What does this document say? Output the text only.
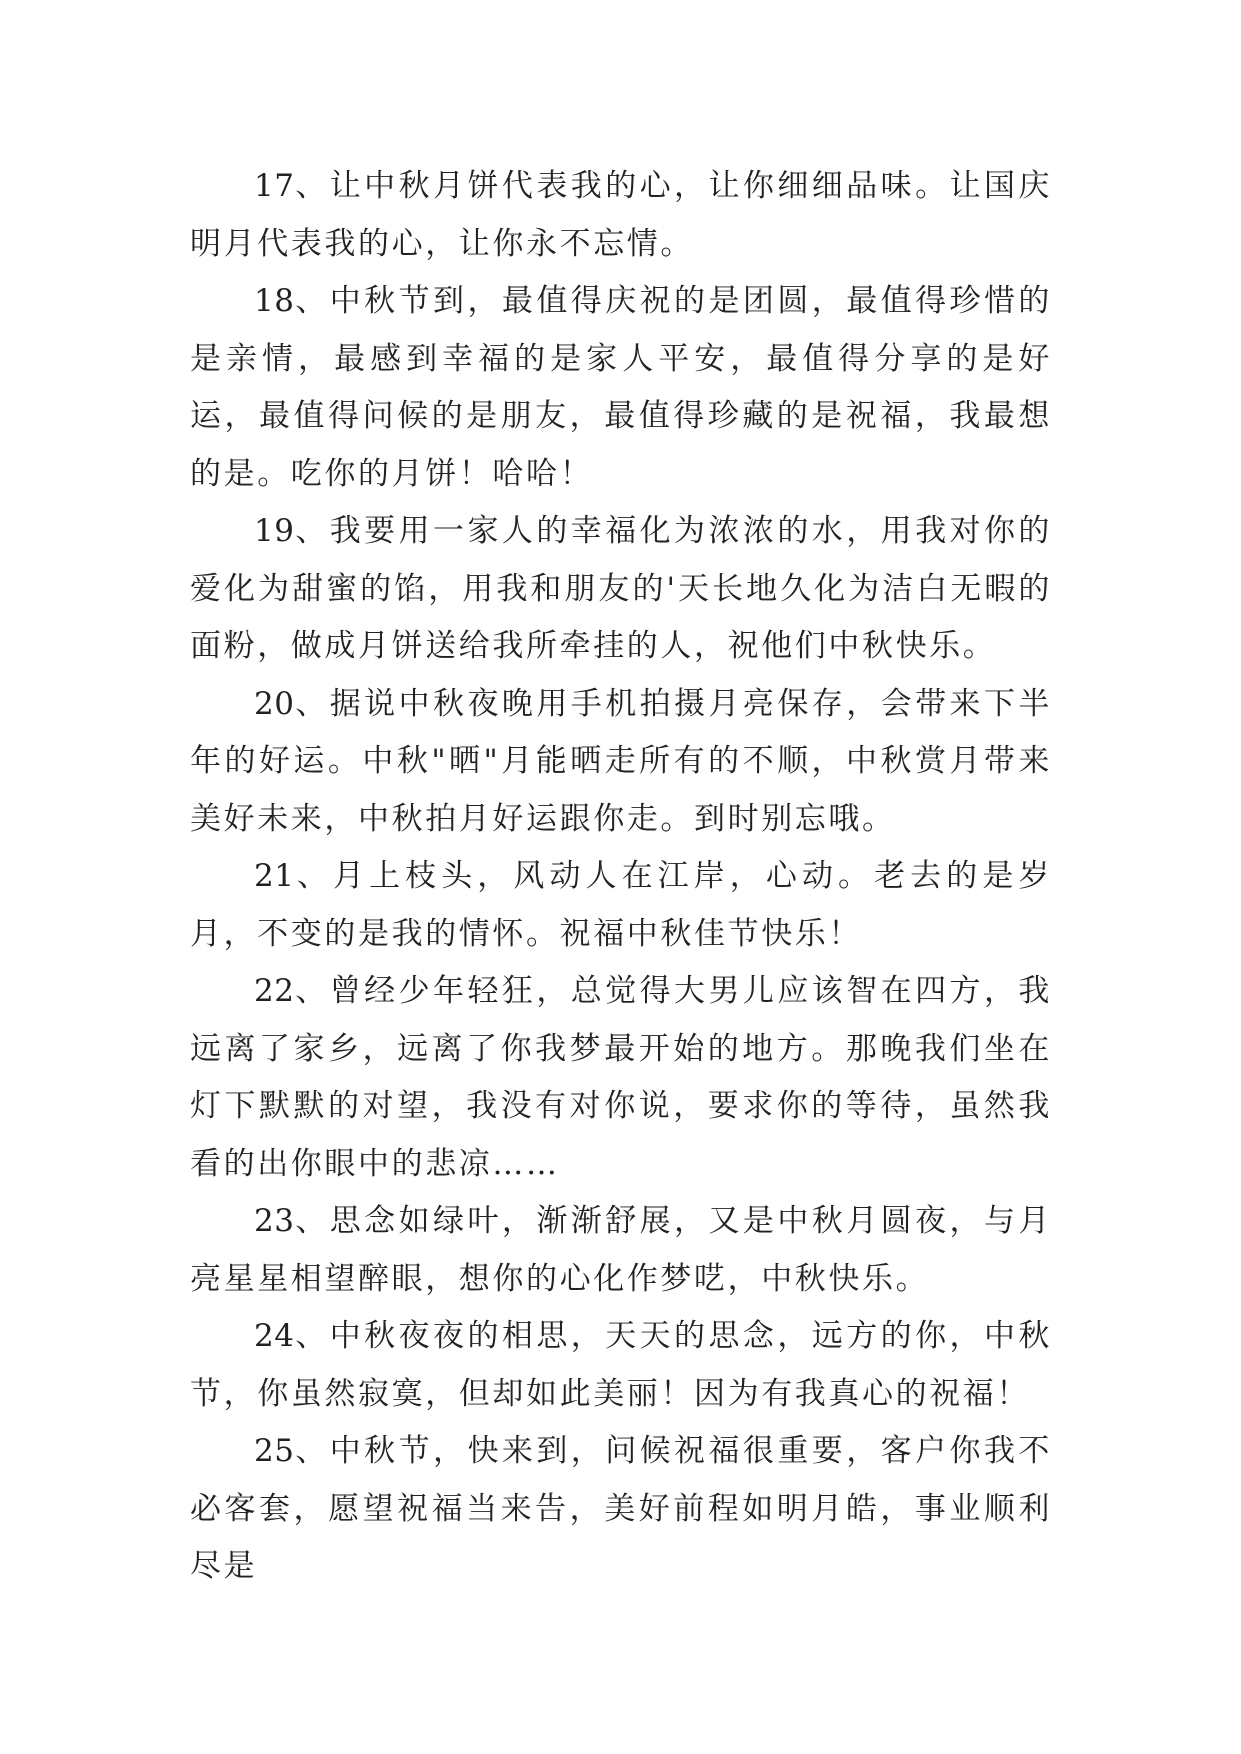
17、让中秋月饼代表我的心，让你细细品味。让国庆明月代表我的心，让你永不忘情。

18、中秋节到，最值得庆祝的是团圆，最值得珍惜的是亲情，最感到幸福的是家人平安，最值得分享的是好运，最值得问候的是朋友，最值得珍藏的是祝福，我最想的是。吃你的月饼！哈哈！

19、我要用一家人的幸福化为浓浓的水，用我对你的爱化为甜蜜的馅，用我和朋友的'天长地久化为洁白无暇的面粉，做成月饼送给我所牵挂的人，祝他们中秋快乐。

20、据说中秋夜晚用手机拍摄月亮保存，会带来下半年的好运。中秋"晒"月能晒走所有的不顺，中秋赏月带来美好未来，中秋拍月好运跟你走。到时别忘哦。

21、月上枝头，风动人在江岸，心动。老去的是岁月，不变的是我的情怀。祝福中秋佳节快乐！

22、曾经少年轻狂，总觉得大男儿应该智在四方，我远离了家乡，远离了你我梦最开始的地方。那晚我们坐在灯下默默的对望，我没有对你说，要求你的等待，虽然我看的出你眼中的悲凉……

23、思念如绿叶，渐渐舒展，又是中秋月圆夜，与月亮星星相望醉眼，想你的心化作梦呓，中秋快乐。

24、中秋夜夜的相思，天天的思念，远方的你，中秋节，你虽然寂寞，但却如此美丽！因为有我真心的祝福！

25、中秋节，快来到，问候祝福很重要，客户你我不必客套，愿望祝福当来告，美好前程如明月皓，事业顺利尽是
